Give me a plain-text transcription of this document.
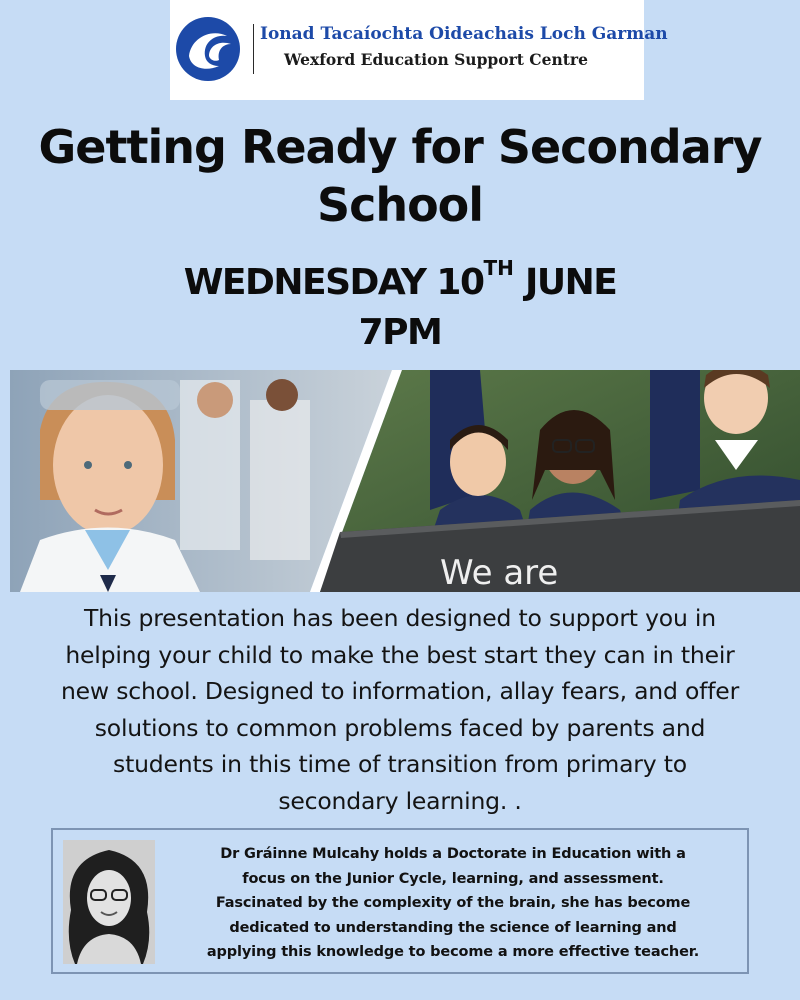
Ionad Tacaíochta Oideachais Loch Garman
Wexford Education Support Centre
Getting Ready for Secondary
School
WEDNESDAY 10TH JUNE
7PM
We are
This presentation has been designed to support you in
helping your child to make the best start they can in their
new school. Designed to information, allay fears, and offer
solutions to common problems faced by parents and
students in this time of transition from primary to
secondary learning. .
Dr Gráinne Mulcahy holds a Doctorate in Education with a
focus on the Junior Cycle, learning, and assessment.
Fascinated by the complexity of the brain, she has become
dedicated to understanding the science of learning and
applying this knowledge to become a more effective teacher.
